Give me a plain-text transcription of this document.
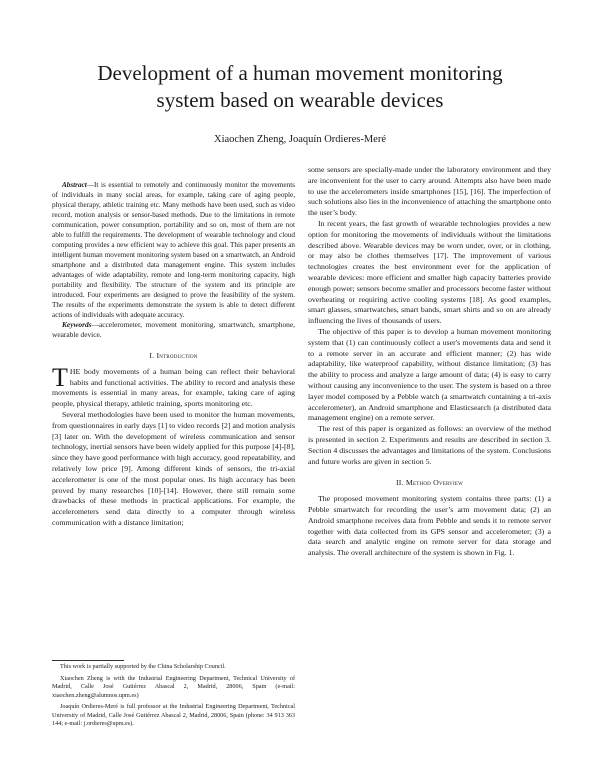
Development of a human movement monitoring
system based on wearable devices
Xiaochen Zheng, Joaquín Ordieres-Meré

Abstract—It is essential to remotely and continuously monitor the movements of individuals in many social areas, for example, taking care of aging people, physical therapy, athletic training etc. Many methods have been used, such as video record, motion analysis or sensor-based methods. Due to the limitations in remote communication, power consumption, portability and so on, most of them are not able to fulfill the requirements. The development of wearable technology and cloud computing provides a new efficient way to achieve this goal. This paper presents an intelligent human movement monitoring system based on a smartwatch, an Android smartphone and a distributed data management engine. This system includes advantages of wide adaptability, remote and long-term monitoring capacity, high portability and flexibility. The structure of the system and its principle are introduced. Four experiments are designed to prove the feasibility of the system. The results of the experiments demonstrate the system is able to detect different actions of individuals with adequate accuracy.

Keywords—accelerometer, movement monitoring, smartwatch, smartphone, wearable device.

I. Introduction

THE body movements of a human being can reflect their behavioral habits and functional activities. The ability to record and analysis these movements is essential in many areas, for example, taking care of aging people, physical therapy, athletic training, sports monitoring etc.

Several methodologies have been used to monitor the human movements, from questionnaires in early days [1] to video records [2] and motion analysis [3] later on. With the development of wireless communication and sensor technology, inertial sensors have been widely applied for this purpose [4]-[8], since they have good performance with high accuracy, good repeatability, and relatively low price [9]. Among different kinds of sensors, the tri-axial accelerometer is one of the most popular ones. Its high accuracy has been proved by many researches [10]-[14]. However, there still remain some drawbacks of these methods in practical applications. For example, the accelerometers send data directly to a computer through wireless communication with a distance limitation;

This work is partially supported by the China Scholarship Council.

Xiaochen Zheng is with the Industrial Engineering Department, Technical University of Madrid, Calle José Gutiérrez Abascal 2, Madrid, 28006, Spain (e-mail: xiaochen.zheng@alumnos.upm.es)

Joaquín Ordieres-Meré is full professor at the Industrial Engineering Department, Technical University of Madrid, Calle José Gutiérrez Abascal 2, Madrid, 28006, Spain (phone: 34 913 363 144; e-mail: j.ordieres@upm.es).

some sensors are specially-made under the laboratory environment and they are inconvenient for the user to carry around. Attempts also have been made to use the accelerometers inside smartphones [15], [16]. The imperfection of such solutions also lies in the inconvenience of attaching the smartphone onto the user’s body.

In recent years, the fast growth of wearable technologies provides a new option for monitoring the movements of individuals without the limitations described above. Wearable devices may be worn under, over, or in clothing, or may also be clothes themselves [17]. The improvement of various technologies creates the best environment ever for the application of wearable devices: more efficient and smaller high capacity batteries provide enough power; sensors become smaller and processors become faster without overheating or requiring active cooling systems [18]. As good examples, smart glasses, smartwatches, smart bands, smart shirts and so on are already influencing the lives of thousands of users.

The objective of this paper is to develop a human movement monitoring system that (1) can continuously collect a user's movements data and send it to a remote server in an accurate and efficient manner; (2) has wide adaptability, like waterproof capability, without distance limitation; (3) has the ability to process and analyze a large amount of data; (4) is easy to carry without causing any inconvenience to the user. The system is based on a three layer model composed by a Pebble watch (a smartwatch containing a tri-axis accelerometer), an Android smartphone and Elasticsearch (a distributed data management engine) on a remote server.

The rest of this paper is organized as follows: an overview of the method is presented in section 2. Experiments and results are described in section 3. Section 4 discusses the advantages and limitations of the system. Conclusions and future works are given in section 5.

II. Method Overview

The proposed movement monitoring system contains three parts: (1) a Pebble smartwatch for recording the user’s arm movement data; (2) an Android smartphone receives data from Pebble and sends it to remote server together with data collected from its GPS sensor and accelerometer; (3) a data search and analytic engine on remote server for data storage and analysis. The overall architecture of the system is shown in Fig. 1.
